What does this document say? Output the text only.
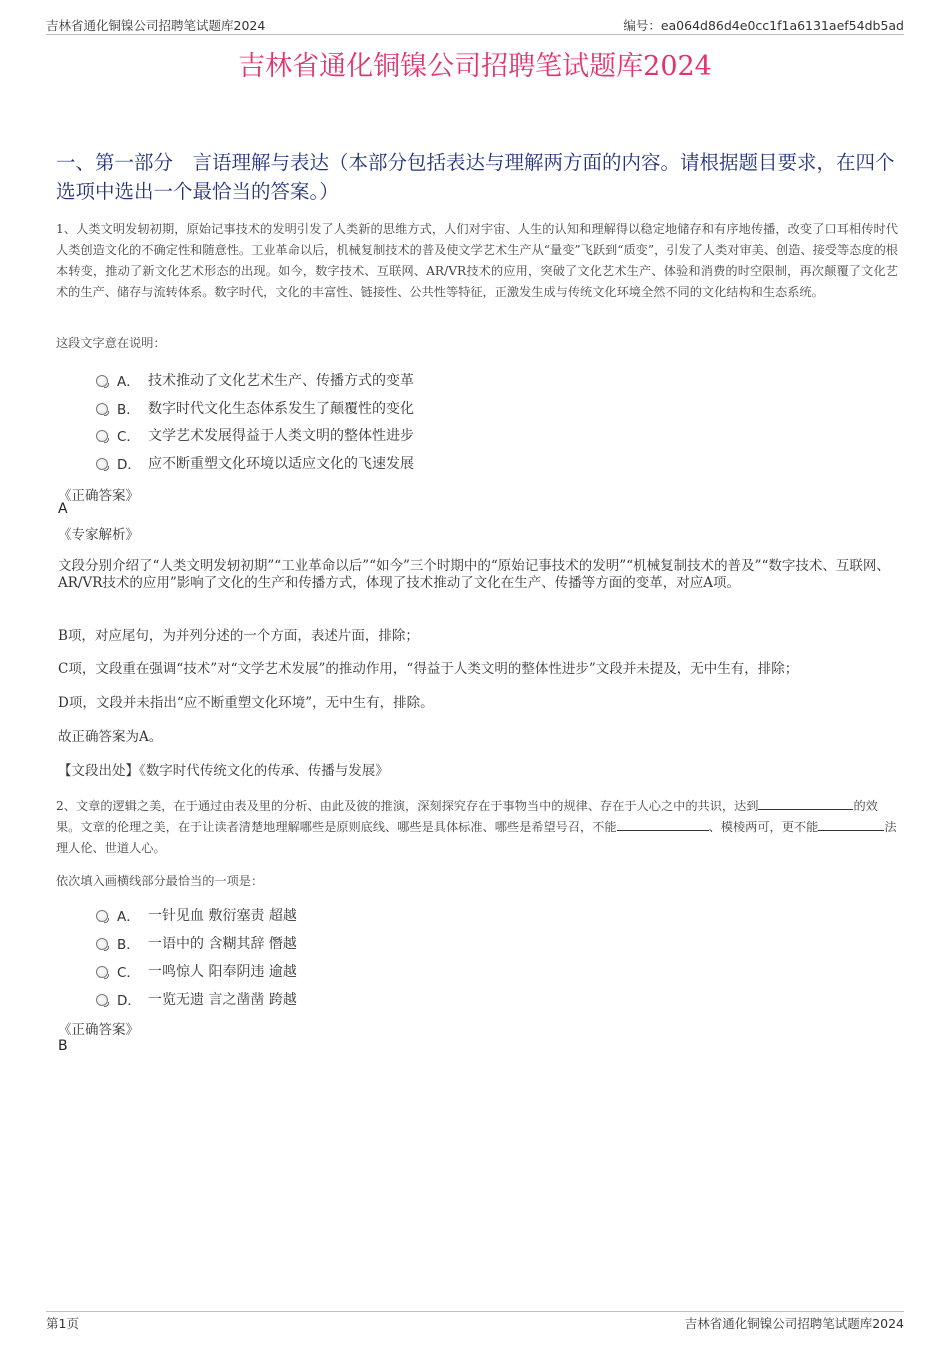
吉林省通化铜镍公司招聘笔试题库2024	编号：ea064d86d4e0cc1f1a6131aef54db5ad
吉林省通化铜镍公司招聘笔试题库2024
一、第一部分　言语理解与表达（本部分包括表达与理解两方面的内容。请根据题目要求，在四个选项中选出一个最恰当的答案。）
1、人类文明发轫初期，原始记事技术的发明引发了人类新的思维方式，人们对宇宙、人生的认知和理解得以稳定地储存和有序地传播，改变了口耳相传时代人类创造文化的不确定性和随意性。工业革命以后，机械复制技术的普及使文学艺术生产从“量变”飞跃到“质变”，引发了人类对审美、创造、接受等态度的根本转变，推动了新文化艺术形态的出现。如今，数字技术、互联网、AR/VR技术的应用，突破了文化艺术生产、体验和消费的时空限制，再次颠覆了文化艺术的生产、储存与流转体系。数字时代，文化的丰富性、链接性、公共性等特征，正激发生成与传统文化环境全然不同的文化结构和生态系统。
这段文字意在说明：
A． 技术推动了文化艺术生产、传播方式的变革
B． 数字时代文化生态体系发生了颠覆性的变化
C． 文学艺术发展得益于人类文明的整体性进步
D． 应不断重塑文化环境以适应文化的飞速发展
《正确答案》
A
《专家解析》
文段分别介绍了“人类文明发轫初期”“工业革命以后”“如今”三个时期中的“原始记事技术的发明”“机械复制技术的普及”“数字技术、互联网、AR/VR技术的应用”影响了文化的生产和传播方式，体现了技术推动了文化在生产、传播等方面的变革，对应A项。
B项，对应尾句，为并列分述的一个方面，表述片面，排除；
C项，文段重在强调“技术”对“文学艺术发展”的推动作用，“得益于人类文明的整体性进步”文段并未提及，无中生有，排除；
D项，文段并未指出“应不断重塑文化环境”，无中生有，排除。
故正确答案为A。
【文段出处】《数字时代传统文化的传承、传播与发展》
2、文章的逻辑之美，在于通过由表及里的分析、由此及彼的推演，深刻探究存在于事物当中的规律、存在于人心之中的共识，达到	的效果。文章的伦理之美，在于让读者清楚地理解哪些是原则底线、哪些是具体标准、哪些是希望号召，不能	、模棱两可，更不能	法理人伦、世道人心。
依次填入画横线部分最恰当的一项是：
A． 一针见血 敷衍塞责 超越
B． 一语中的 含糊其辞 僭越
C． 一鸣惊人 阳奉阴违 逾越
D． 一览无遗 言之凿凿 跨越
《正确答案》
B
第1页	吉林省通化铜镍公司招聘笔试题库2024
